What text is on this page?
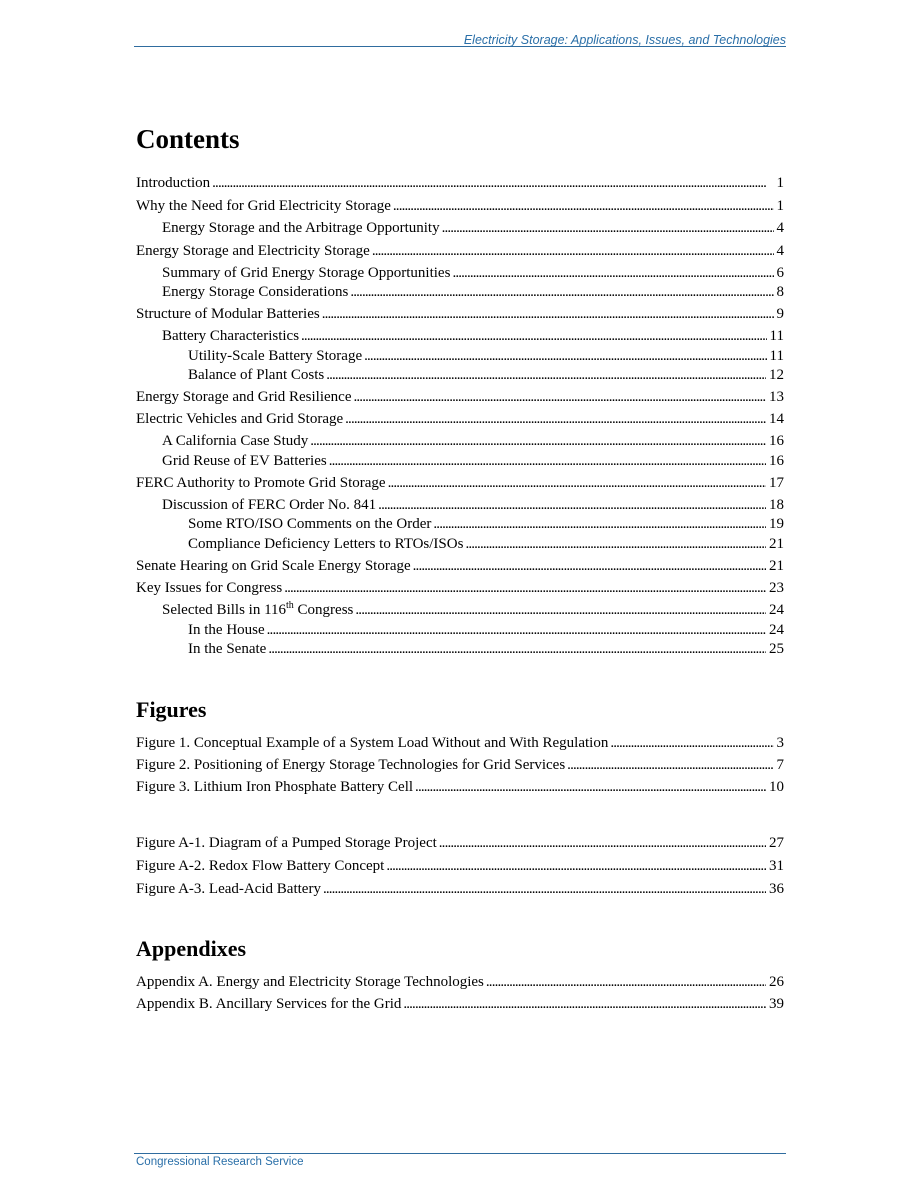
Electricity Storage: Applications, Issues, and Technologies
Contents
Introduction . . .	1
Why the Need for Grid Electricity Storage . . .	1
Energy Storage and the Arbitrage Opportunity . . .	4
Energy Storage and Electricity Storage . . .	4
Summary of Grid Energy Storage Opportunities . . .	6
Energy Storage Considerations . . .	8
Structure of Modular Batteries . . .	9
Battery Characteristics . . .	11
Utility-Scale Battery Storage . . .	11
Balance of Plant Costs . . .	12
Energy Storage and Grid Resilience . . .	13
Electric Vehicles and Grid Storage . . .	14
A California Case Study . . .	16
Grid Reuse of EV Batteries . . .	16
FERC Authority to Promote Grid Storage . . .	17
Discussion of FERC Order No. 841 . . .	18
Some RTO/ISO Comments on the Order . . .	19
Compliance Deficiency Letters to RTOs/ISOs . . .	21
Senate Hearing on Grid Scale Energy Storage . . .	21
Key Issues for Congress . . .	23
Selected Bills in 116th Congress . . .	24
In the House . . .	24
In the Senate . . .	25
Figures
Figure 1. Conceptual Example of a System Load Without and With Regulation . . .	3
Figure 2. Positioning of Energy Storage Technologies for Grid Services . . .	7
Figure 3. Lithium Iron Phosphate Battery Cell . . .	10
Figure A-1. Diagram of a Pumped Storage Project . . .	27
Figure A-2. Redox Flow Battery Concept . . .	31
Figure A-3. Lead-Acid Battery . . .	36
Appendixes
Appendix A. Energy and Electricity Storage Technologies . . .	26
Appendix B. Ancillary Services for the Grid . . .	39
Congressional Research Service
